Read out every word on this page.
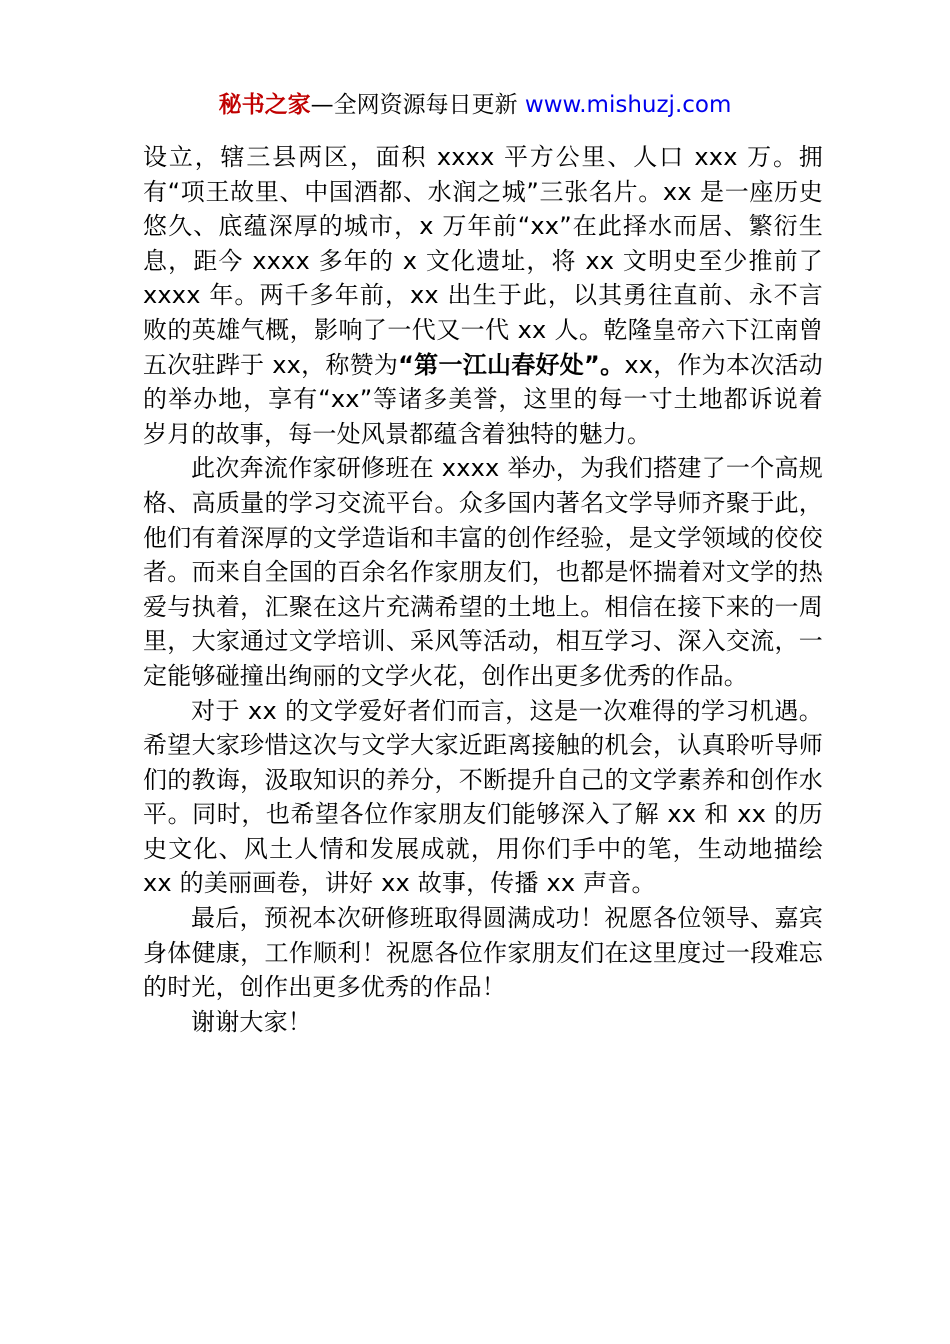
秘书之家—全网资源每日更新 www.mishuzj.com

设立，辖三县两区，面积 xxxx 平方公里、人口 xxx 万。拥有“项王故里、中国酒都、水润之城”三张名片。xx 是一座历史悠久、底蕴深厚的城市，x 万年前“xx”在此择水而居、繁衍生息，距今 xxxx 多年的 x 文化遗址，将 xx 文明史至少推前了 xxxx 年。两千多年前，xx 出生于此，以其勇往直前、永不言败的英雄气概，影响了一代又一代 xx 人。乾隆皇帝六下江南曾五次驻跸于 xx，称赞为“第一江山春好处”。xx，作为本次活动的举办地，享有“xx”等诸多美誉，这里的每一寸土地都诉说着岁月的故事，每一处风景都蕴含着独特的魅力。

此次奔流作家研修班在 xxxx 举办，为我们搭建了一个高规格、高质量的学习交流平台。众多国内著名文学导师齐聚于此，他们有着深厚的文学造诣和丰富的创作经验，是文学领域的佼佼者。而来自全国的百余名作家朋友们，也都是怀揣着对文学的热爱与执着，汇聚在这片充满希望的土地上。相信在接下来的一周里，大家通过文学培训、采风等活动，相互学习、深入交流，一定能够碰撞出绚丽的文学火花，创作出更多优秀的作品。

对于 xx 的文学爱好者们而言，这是一次难得的学习机遇。希望大家珍惜这次与文学大家近距离接触的机会，认真聆听导师们的教诲，汲取知识的养分，不断提升自己的文学素养和创作水平。同时，也希望各位作家朋友们能够深入了解 xx 和 xx 的历史文化、风土人情和发展成就，用你们手中的笔，生动地描绘 xx 的美丽画卷，讲好 xx 故事，传播 xx 声音。

最后，预祝本次研修班取得圆满成功！祝愿各位领导、嘉宾身体健康，工作顺利！祝愿各位作家朋友们在这里度过一段难忘的时光，创作出更多优秀的作品！

谢谢大家！
